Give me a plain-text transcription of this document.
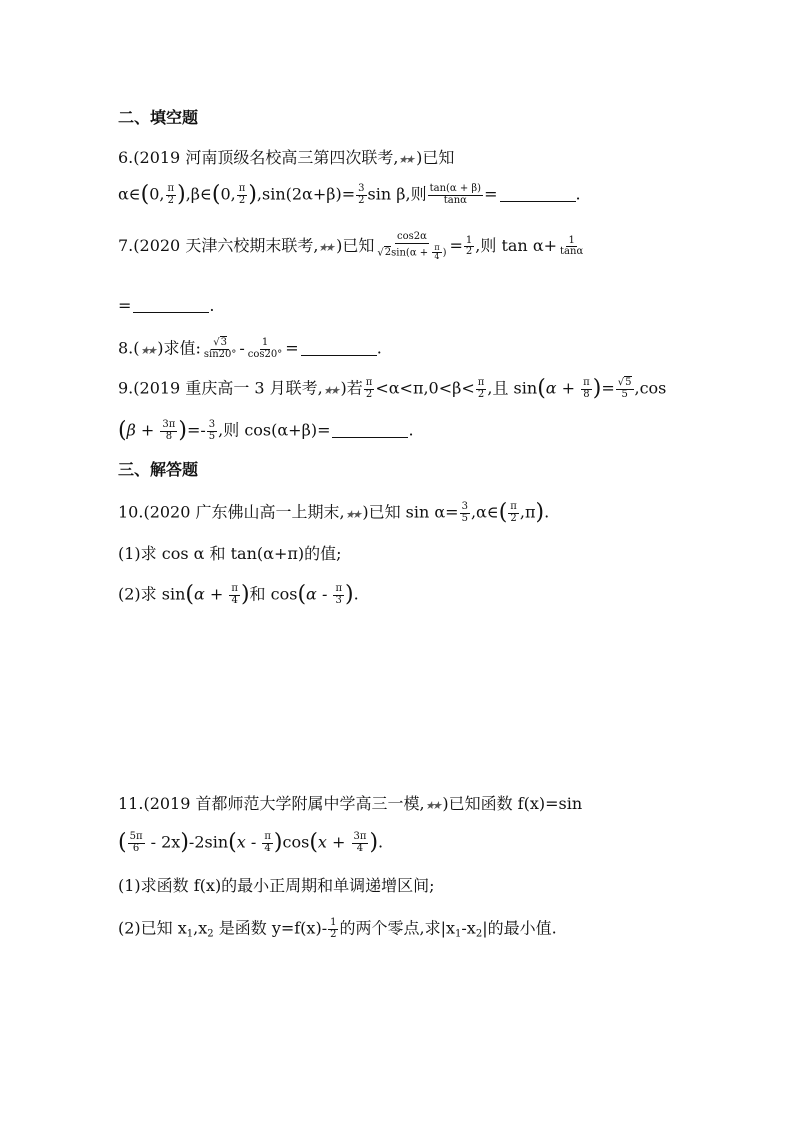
二、填空题
6.(2019 河南顶级名校高三第四次联考,★★)已知
α∈(0, $\frac{\pi}{2}$ ),β∈(0, $\frac{\pi}{2} ),\sin(2\alpha+\beta)= \frac{3}{2}$ sin β,则 $\frac{\tan(\alpha + \beta)}{\tan\alpha}$ =	.
7.(2020 天津六校期末联考,★★)已知 $\frac{\cos 2\alpha}{√2\sin(\alpha + \frac{\pi}{4} )} = \frac{1}{2}$ ,则 $\tan \alpha+ \frac{1}{\tan\alpha}$
=	.
8.(★★)求值: $\frac{√3}{\sin 20^\circ} - \frac{1}{\cos 20^\circ}$ =	.
9.(2019 重庆高一 3 月联考,★★)若 $\frac{\pi}{2} <\alpha<\pi,0<\beta< \frac{\pi}{2}$ ,且 $\sin(\alpha + \frac{\pi}{8}$ )= $\frac{√5}{5} ,\cos$
($\beta + \frac{3\pi}{8}$ )=- $\frac{3}{5}$ ,则 cos(α+β)=	.
三、解答题
10.(2020 广东佛山高一上期末,★★)已知 $\sin \alpha= \frac{3}{5}$ ,α∈( $\frac{\pi}{2} ,\pi$).
(1)求 cos α 和 tan(α+π)的值;
(2)求 $\sin(\alpha + \frac{\pi}{4}$ )和 $\cos(\alpha - \frac{\pi}{3}$ ).
11.(2019 首都师范大学附属中学高三一模,★★)已知函数 f(x)=sin
( $\frac{5\pi}{6} - 2x)-2\sin(x - \frac{\pi}{4} )\cos(x + \frac{3\pi}{4}$ ).
(1)求函数 f(x)的最小正周期和单调递增区间;
(2)已知 $x_1,x_2$ 是函数 $y=f(x)- \frac{1}{2}$ 的两个零点,求$|x_1-x_2|$的最小值.
